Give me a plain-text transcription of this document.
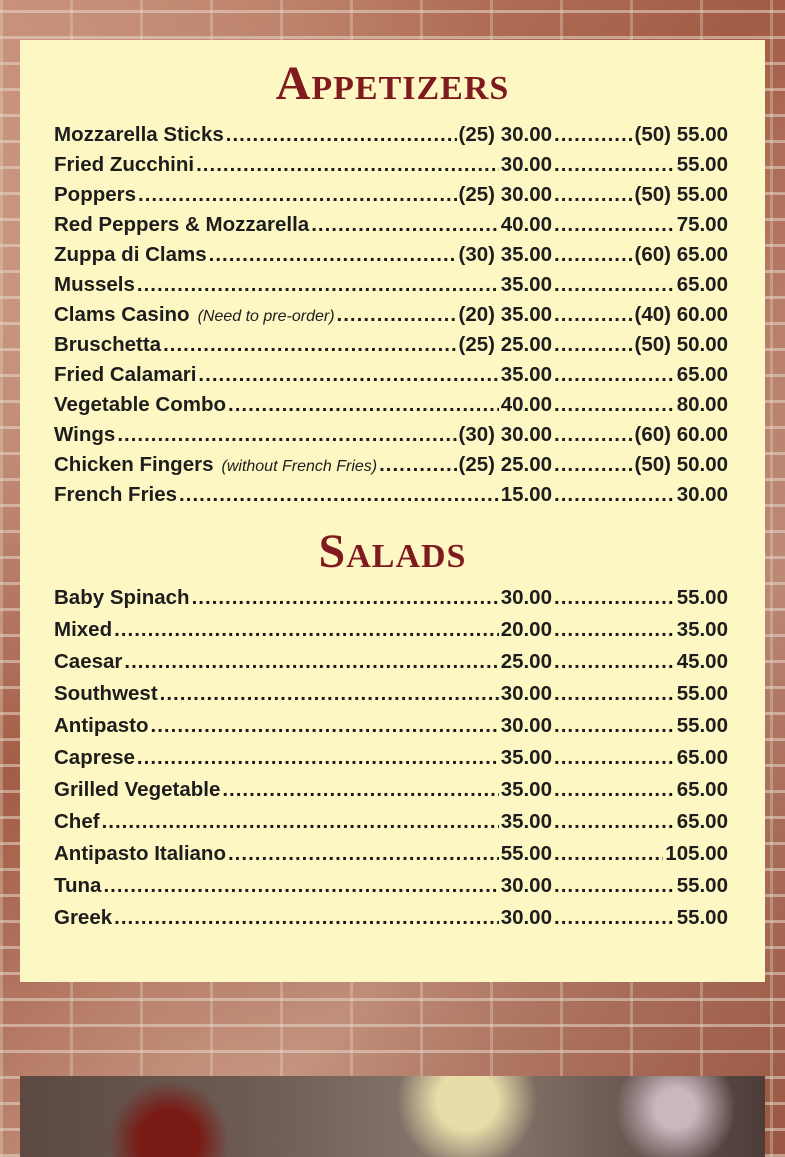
Appetizers
Mozzarella Sticks .....	(25) 30.00 .....	(50) 55.00
Fried Zucchini .....	30.00 .....	55.00
Poppers .....	(25) 30.00 .....	(50) 55.00
Red Peppers & Mozzarella .....	40.00 .....	75.00
Zuppa di Clams .....	(30) 35.00 .....	(60) 65.00
Mussels .....	35.00 .....	65.00
Clams Casino (Need to pre-order) .....	(20) 35.00 .....	(40) 60.00
Bruschetta .....	(25) 25.00 .....	(50) 50.00
Fried Calamari .....	35.00 .....	65.00
Vegetable Combo .....	40.00 .....	80.00
Wings .....	(30) 30.00 .....	(60) 60.00
Chicken Fingers (without French Fries) .....	(25) 25.00 .....	(50) 50.00
French Fries .....	15.00 .....	30.00
Salads
Baby Spinach .....	30.00 .....	55.00
Mixed .....	20.00 .....	35.00
Caesar .....	25.00 .....	45.00
Southwest .....	30.00 .....	55.00
Antipasto .....	30.00 .....	55.00
Caprese .....	35.00 .....	65.00
Grilled Vegetable .....	35.00 .....	65.00
Chef .....	35.00 .....	65.00
Antipasto Italiano .....	55.00 .....	105.00
Tuna .....	30.00 .....	55.00
Greek .....	30.00 .....	55.00
